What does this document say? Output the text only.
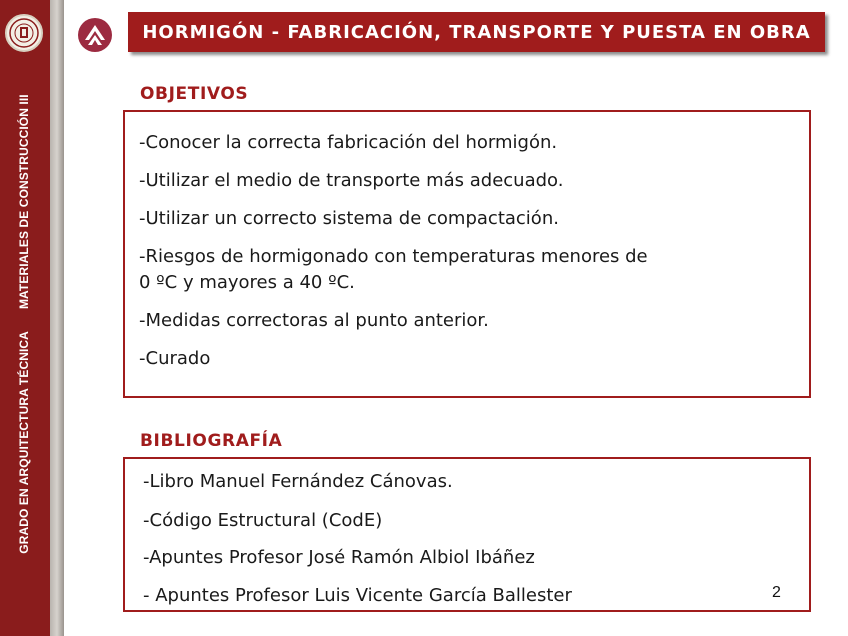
GRADO EN ARQUITECTURA TÉCNICAMATERIALES DE CONSTRUCCIÓN III
HORMIGÓN - FABRICACIÓN, TRANSPORTE Y PUESTA EN OBRA
OBJETIVOS
-Conocer la correcta fabricación del hormigón.
-Utilizar el medio de transporte más adecuado.
-Utilizar un correcto sistema de compactación.
-Riesgos de hormigonado con temperaturas menores de
0 ºC y mayores a 40 ºC.
-Medidas correctoras al punto anterior.
-Curado
BIBLIOGRAFÍA
-Libro Manuel Fernández Cánovas.
-Código Estructural (CodE)
-Apuntes Profesor José Ramón Albiol Ibáñez
- Apuntes Profesor Luis Vicente García Ballester	2
